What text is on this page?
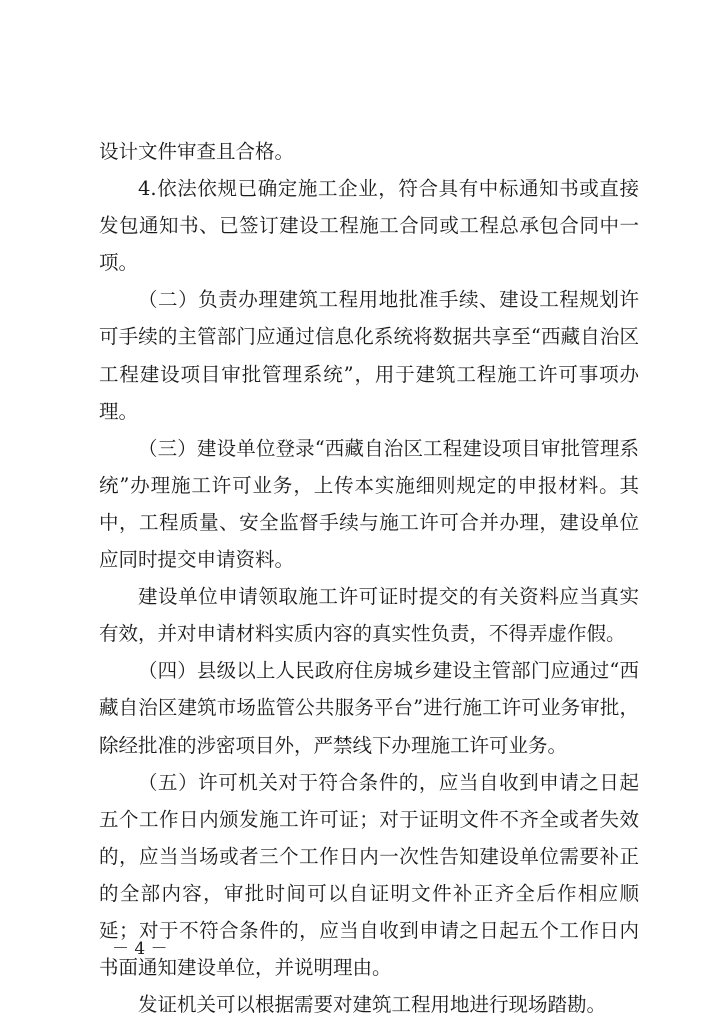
设计文件审查且合格。

4.依法依规已确定施工企业，符合具有中标通知书或直接发包通知书、已签订建设工程施工合同或工程总承包合同中一项。

（二）负责办理建筑工程用地批准手续、建设工程规划许可手续的主管部门应通过信息化系统将数据共享至“西藏自治区工程建设项目审批管理系统”，用于建筑工程施工许可事项办理。

（三）建设单位登录“西藏自治区工程建设项目审批管理系统”办理施工许可业务，上传本实施细则规定的申报材料。其中，工程质量、安全监督手续与施工许可合并办理，建设单位应同时提交申请资料。

建设单位申请领取施工许可证时提交的有关资料应当真实有效，并对申请材料实质内容的真实性负责，不得弄虚作假。

（四）县级以上人民政府住房城乡建设主管部门应通过“西藏自治区建筑市场监管公共服务平台”进行施工许可业务审批，除经批准的涉密项目外，严禁线下办理施工许可业务。

（五）许可机关对于符合条件的，应当自收到申请之日起五个工作日内颁发施工许可证；对于证明文件不齐全或者失效的，应当当场或者三个工作日内一次性告知建设单位需要补正的全部内容，审批时间可以自证明文件补正齐全后作相应顺延；对于不符合条件的，应当自收到申请之日起五个工作日内书面通知建设单位，并说明理由。

发证机关可以根据需要对建筑工程用地进行现场踏勘。

－ 4 －
